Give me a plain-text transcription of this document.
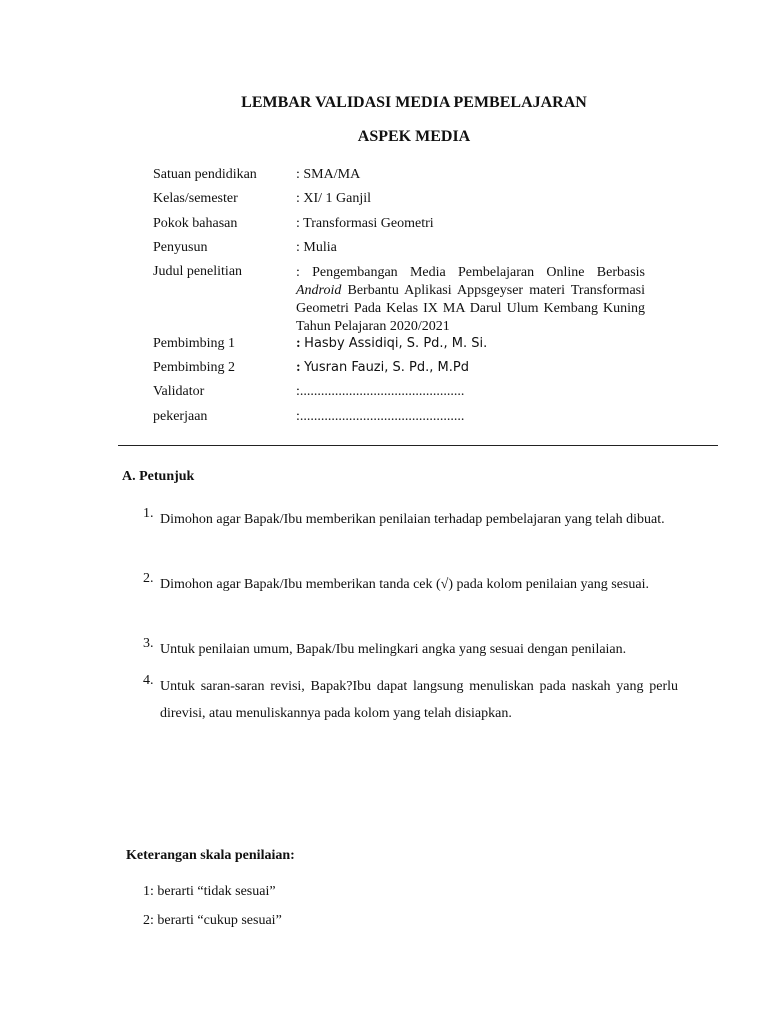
LEMBAR VALIDASI MEDIA PEMBELAJARAN
ASPEK MEDIA
Satuan pendidikan	: SMA/MA
Kelas/semester	: XI/ 1 Ganjil
Pokok bahasan	: Transformasi Geometri
Penyusun	: Mulia
Judul penelitian	: Pengembangan Media Pembelajaran Online Berbasis Android Berbantu Aplikasi Appsgeyser materi Transformasi Geometri Pada Kelas IX MA Darul Ulum Kembang Kuning Tahun Pelajaran 2020/2021
Pembimbing 1	: Hasby Assidiqi, S. Pd., M. Si.
Pembimbing 2	: Yusran Fauzi, S. Pd., M.Pd
Validator	:...............................................
pekerjaan	:...............................................
A. Petunjuk
1. Dimohon agar Bapak/Ibu memberikan penilaian terhadap pembelajaran yang telah dibuat.
2. Dimohon agar Bapak/Ibu memberikan tanda cek (√) pada kolom penilaian yang sesuai.
3. Untuk penilaian umum, Bapak/Ibu melingkari angka yang sesuai dengan penilaian.
4. Untuk saran-saran revisi, Bapak?Ibu dapat langsung menuliskan pada naskah yang perlu direvisi, atau menuliskannya pada kolom yang telah disiapkan.
Keterangan skala penilaian:
1: berarti “tidak sesuai”
2: berarti “cukup sesuai”
